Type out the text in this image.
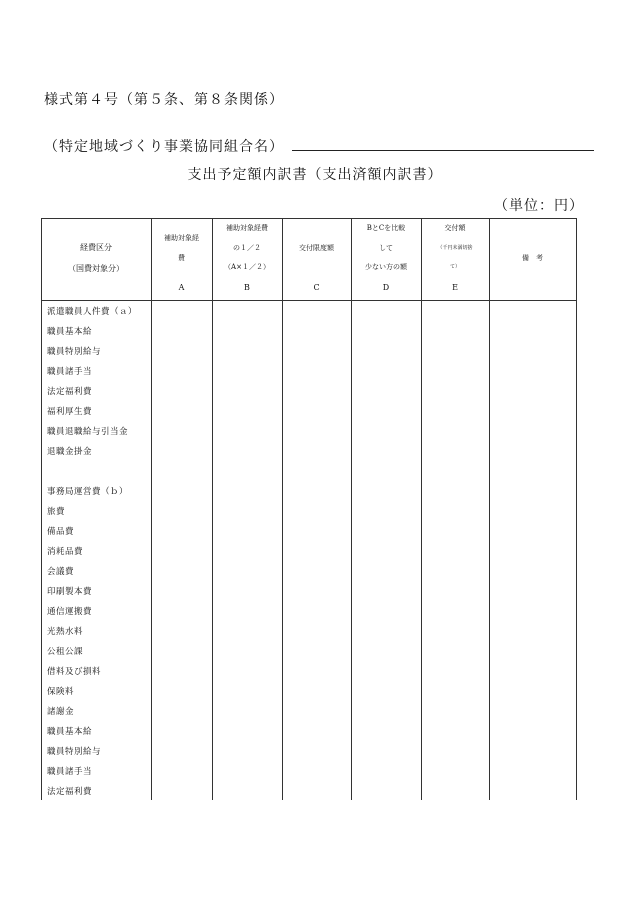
様式第４号（第５条、第８条関係）
（特定地域づくり事業協同組合名）
支出予定額内訳書（支出済額内訳書）
（単位：円）
経費区分
（国費対象分）
補助対象経
費
A
補助対象経費
の１／２
（A×１／２）
B
交付限度額
C
BとCを比較
して
少ない方の額
D
交付額
（千円未満切捨
て）
E
備　考
派遣職員人件費（ａ）
職員基本給
職員特別給与
職員諸手当
法定福利費
福利厚生費
職員退職給与引当金
退職金掛金
事務局運営費（ｂ）
旅費
備品費
消耗品費
会議費
印刷製本費
通信運搬費
光熱水料
公租公課
借料及び損料
保険料
諸謝金
職員基本給
職員特別給与
職員諸手当
法定福利費
